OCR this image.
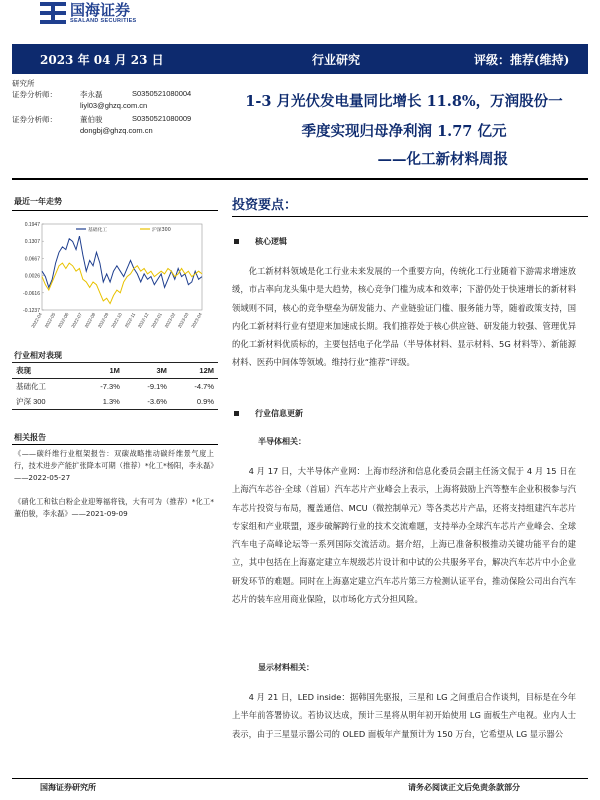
国海证券
SEALAND SECURITIES
2023 年 04 月 23 日	行业研究	评级：推荐(维持)
研究所
证券分析师：	李永磊	S0350521080004
liyl03@ghzq.com.cn
证券分析师：	董伯骏	S0350521080009
dongbj@ghzq.com.cn
1-3 月光伏发电量同比增长 11.8%，万润股份一
季度实现归母净利润 1.77 亿元
——化工新材料周报
最近一年走势
0.1947
0.1307
0.0667
0.0026
-0.0616
-0.1237
2022-04 2022-05 2022-06 2022-07 2022-08 2022-09 2022-10 2022-11 2022-12 2023-01 2023-02 2023-03 2023-04
基础化工	沪深300
行业相对表现
表现	1M	3M	12M
基础化工	-7.3%	-9.1%	-4.7%
沪深 300	1.3%	-3.6%	0.9%
相关报告
《——碳纤维行业框架报告：双碳战略推动碳纤维景气度上行，技术进步产能扩张降本可期（推荐）*化工*杨阳，李永磊》——2022-05-27
《硝化工和钛白粉企业迎筹福将钱，大有可为（推荐）*化工*董伯骏，李永磊》——2021-09-09
投资要点：
核心逻辑
化工新材料领域是化工行业未来发展的一个重要方向，传统化工行业随着下游需求增速放缓，市占率向龙头集中是大趋势，核心竞争门槛为成本和效率；下游仍处于快速增长的新材料领域则不同，核心的竞争壁垒为研发能力、产业链验证门槛、服务能力等，随着政策支持，国内化工新材料行业有望迎来加速成长期。我们推荐处于核心供应链、研发能力较强、管理优异的化工新材料优质标的，主要包括电子化学品（半导体材料、显示材料、5G 材料等）、新能源材料、医药中间体等领域。维持行业“推荐”评级。
行业信息更新
半导体相关：
4 月 17 日，大半导体产业网：上海市经济和信息化委员会副主任汤文侃于 4 月 15 日在上海汽车芯谷·全球（首届）汽车芯片产业峰会上表示，上海将鼓励上汽等整车企业积极参与汽车芯片投资与布局，覆盖通信、MCU（微控制单元）等各类芯片产品，还将支持组建汽车芯片专家组和产业联盟，逐步破解跨行业的技术交流难题，支持举办全球汽车芯片产业峰会、全球汽车电子高峰论坛等一系列国际交流活动。据介绍，上海已准备积极推动关键功能平台的建立，其中包括在上海嘉定建立车规级芯片设计和中试的公共服务平台，解决汽车芯片中小企业研发环节的难题。同时在上海嘉定建立汽车芯片第三方检测认证平台，推动保险公司出台汽车芯片的装车应用商业保险，以市场化方式分担风险。
显示材料相关：
4 月 21 日，LED inside：据韩国先驱报，三星和 LG 之间重启合作谈判，目标是在今年上半年前答署协议。若协议达成，预计三星将从明年初开始使用 LG 面板生产电视。业内人士表示，由于三星显示器公司的 OLED 面板年产量预计为 150 万台，它希望从 LG 显示器公
国海证券研究所	请务必阅读正文后免责条款部分
